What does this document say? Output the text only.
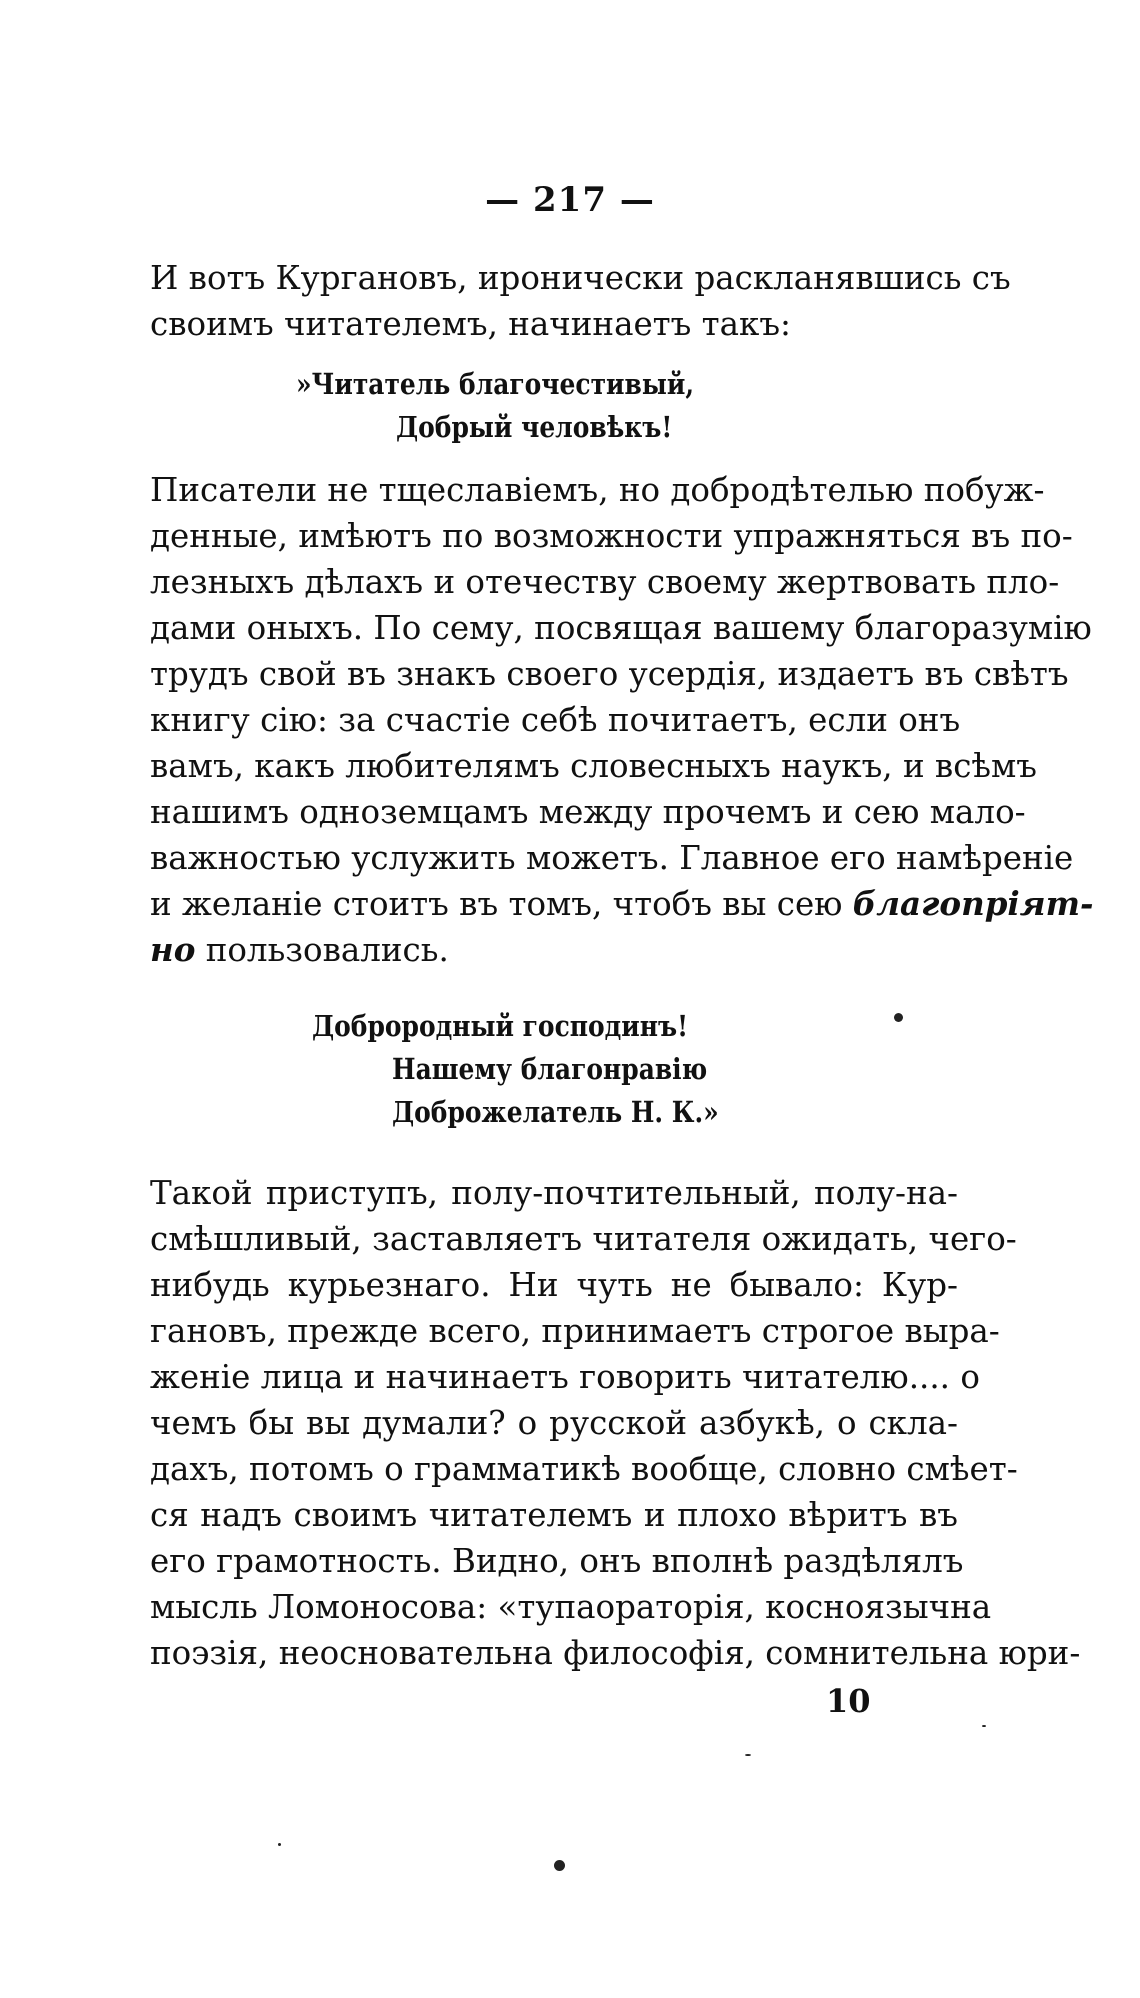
— 217 —
И вотъ Кургановъ, иронически раскланявшись съ
своимъ читателемъ, начинаетъ такъ:
»Читатель благочестивый,
Добрый человѣкъ!
Писатели не тщеславіемъ, но добродѣтелью побуж-
денные, имѣютъ по возможности упражняться въ по-
лезныхъ дѣлахъ и отечеству своему жертвовать пло-
дами оныхъ. По сему, посвящая вашему благоразумію
трудъ свой въ знакъ своего усердія, издаетъ въ свѣтъ
книгу сію: за счастіе себѣ почитаетъ, если онъ
вамъ, какъ любителямъ словесныхъ наукъ, и всѣмъ
нашимъ одноземцамъ между прочемъ и сею мало-
важностью услужить можетъ. Главное его намѣреніе
и желаніе стоитъ въ томъ, чтобъ вы сею благопріят-
но пользовались.
Доброродный господинъ!
Нашему благонравію
Доброжелатель Н. К.»
Такой приступъ, полу-почтительный, полу-на-
смѣшливый, заставляетъ читателя ожидать, чего-
нибудь курьезнаго. Ни чуть не бывало: Кур-
гановъ, прежде всего, принимаетъ строгое выра-
женіе лица и начинаетъ говорить читателю.... о
чемъ бы вы думали? о русской азбукѣ, о скла-
дахъ, потомъ о грамматикѣ вообще, словно смѣет-
ся надъ своимъ читателемъ и плохо вѣритъ въ
его грамотность. Видно, онъ вполнѣ раздѣлялъ
мысль Ломоносова: «тупаораторія, косноязычна
поэзія, неосновательна философія, сомнительна юри-
10
